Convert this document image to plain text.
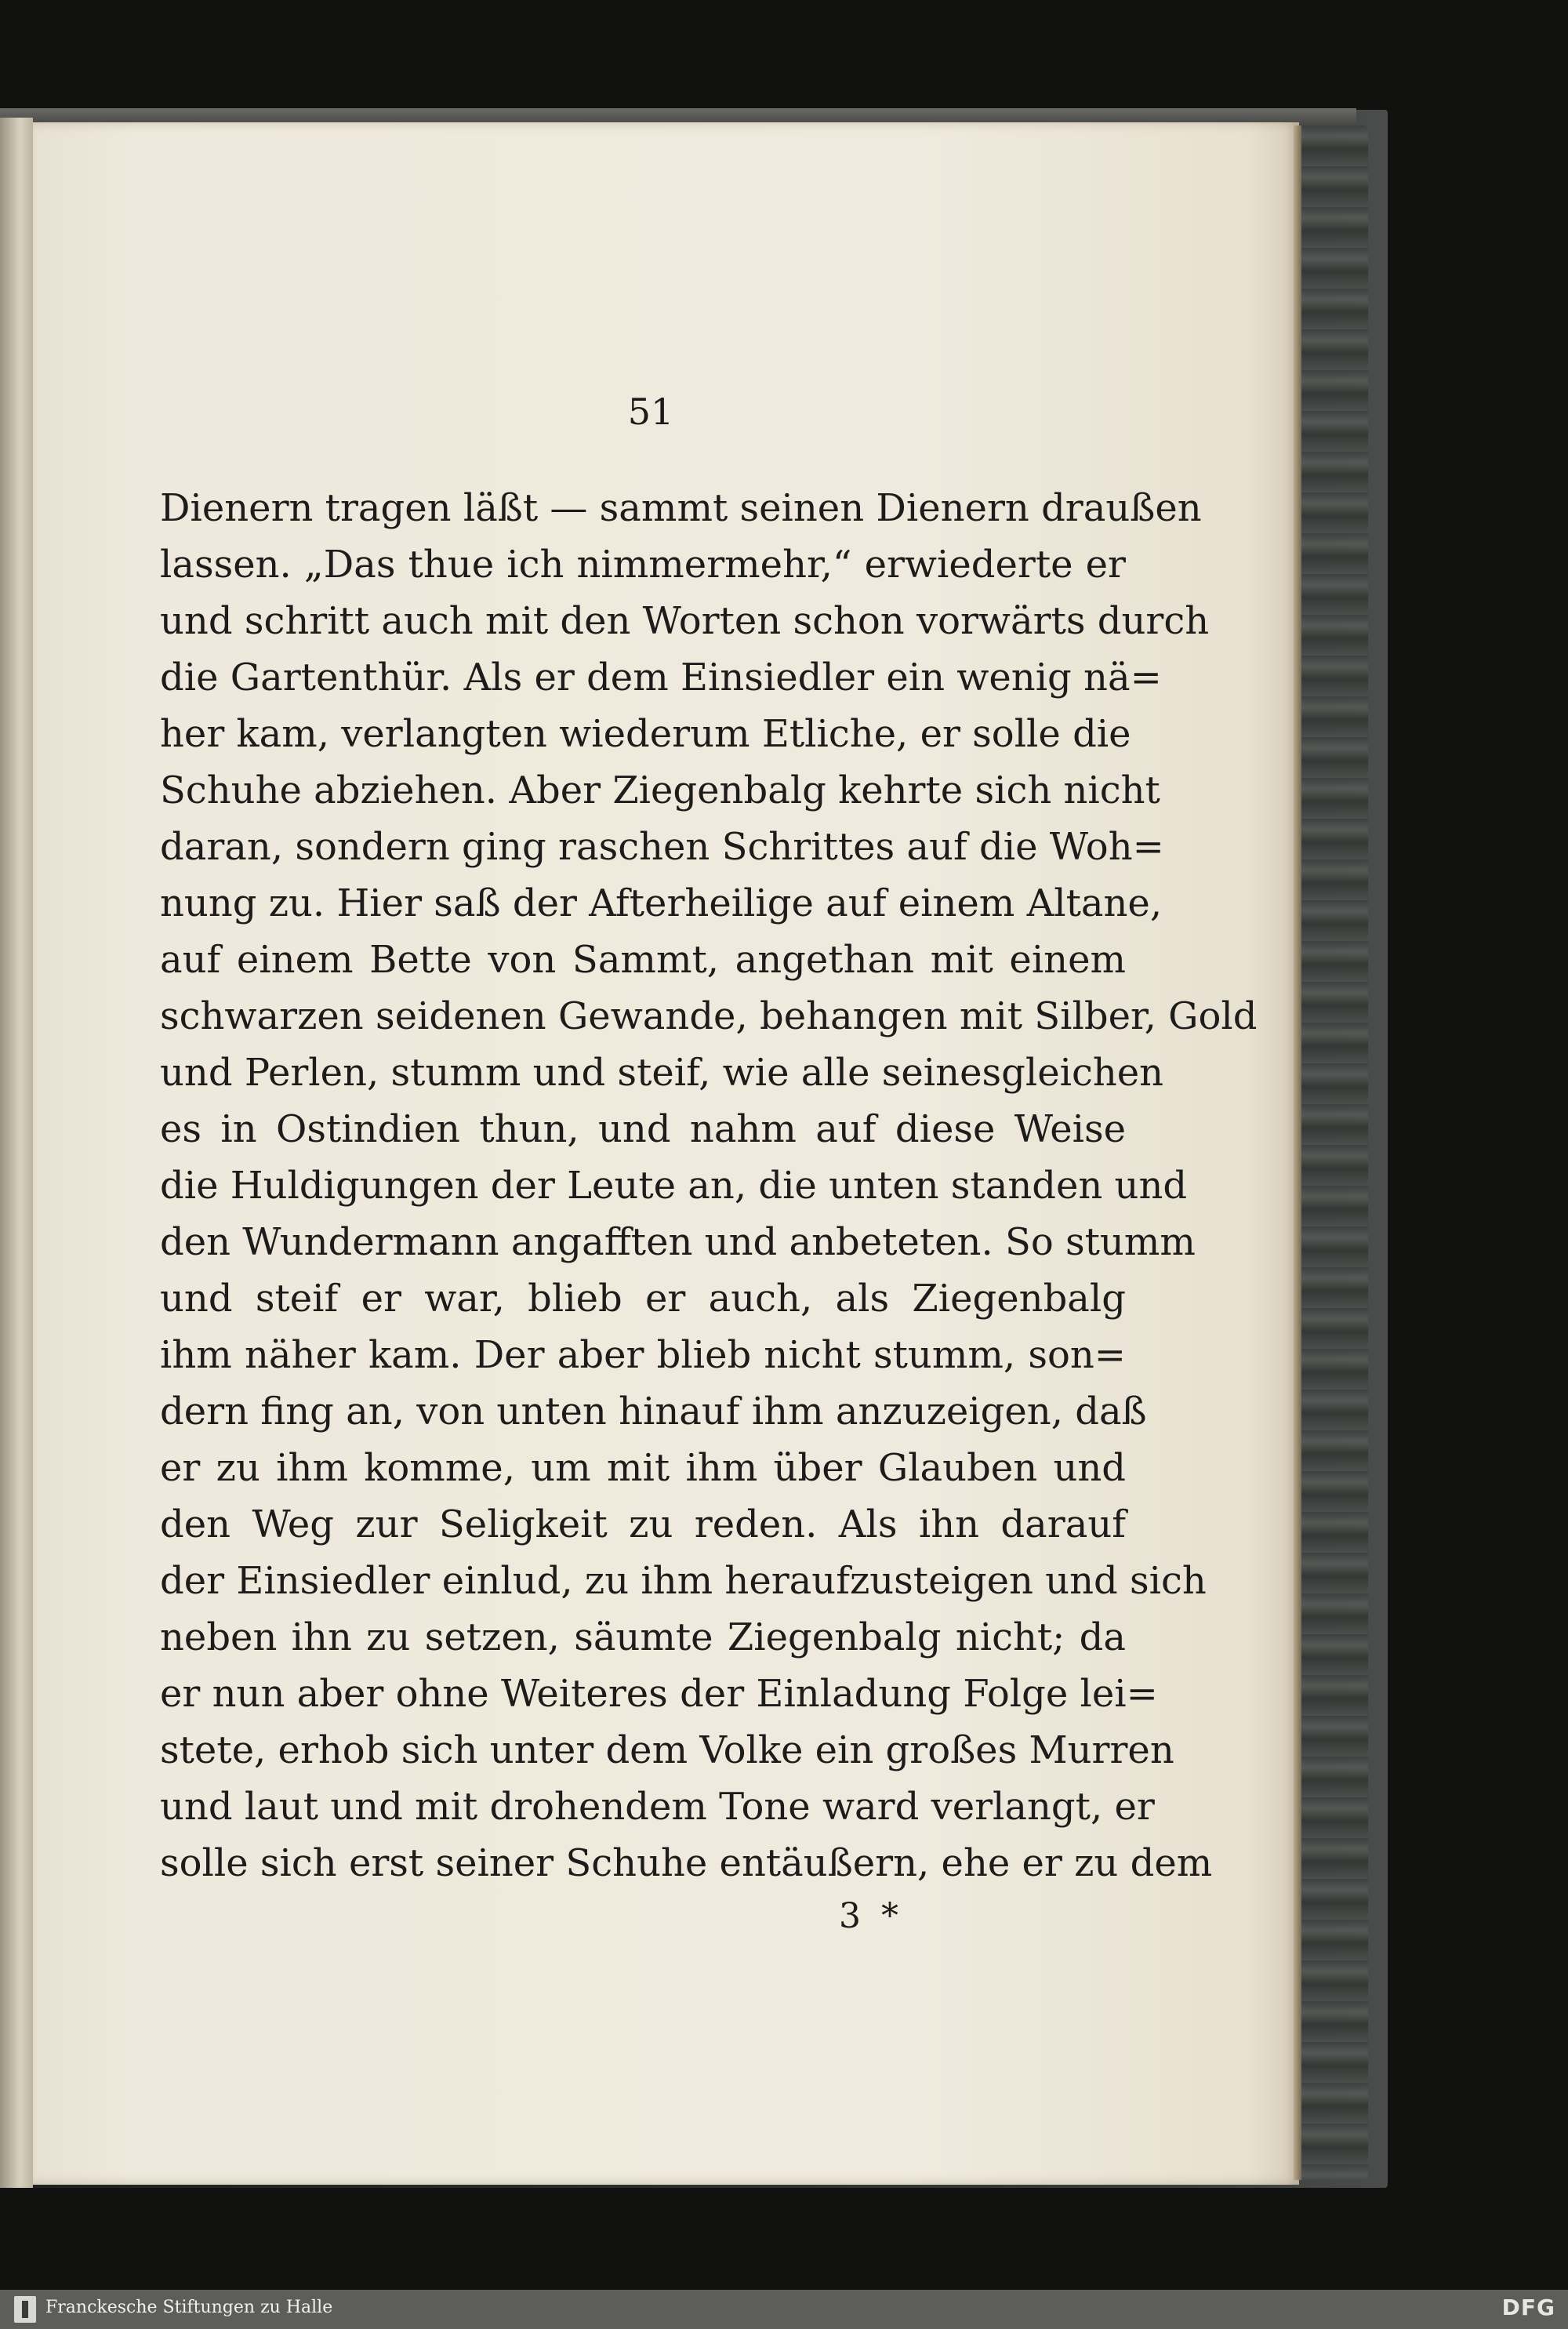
51
Dienern tragen läßt — sammt seinen Dienern draußen
lassen. „Das thue ich nimmermehr,“ erwiederte er
und schritt auch mit den Worten schon vorwärts durch
die Gartenthür. Als er dem Einsiedler ein wenig nä=
her kam, verlangten wiederum Etliche, er solle die
Schuhe abziehen. Aber Ziegenbalg kehrte sich nicht
daran, sondern ging raschen Schrittes auf die Woh=
nung zu. Hier saß der Afterheilige auf einem Altane,
auf einem Bette von Sammt, angethan mit einem
schwarzen seidenen Gewande, behangen mit Silber, Gold
und Perlen, stumm und steif, wie alle seinesgleichen
es in Ostindien thun, und nahm auf diese Weise
die Huldigungen der Leute an, die unten standen und
den Wundermann angafften und anbeteten. So stumm
und steif er war, blieb er auch, als Ziegenbalg
ihm näher kam. Der aber blieb nicht stumm, son=
dern fing an, von unten hinauf ihm anzuzeigen, daß
er zu ihm komme, um mit ihm über Glauben und
den Weg zur Seligkeit zu reden. Als ihn darauf
der Einsiedler einlud, zu ihm heraufzusteigen und sich
neben ihn zu setzen, säumte Ziegenbalg nicht; da
er nun aber ohne Weiteres der Einladung Folge lei=
stete, erhob sich unter dem Volke ein großes Murren
und laut und mit drohendem Tone ward verlangt, er
solle sich erst seiner Schuhe entäußern, ehe er zu dem
3 *
Franckesche Stiftungen zu Halle	DFG
